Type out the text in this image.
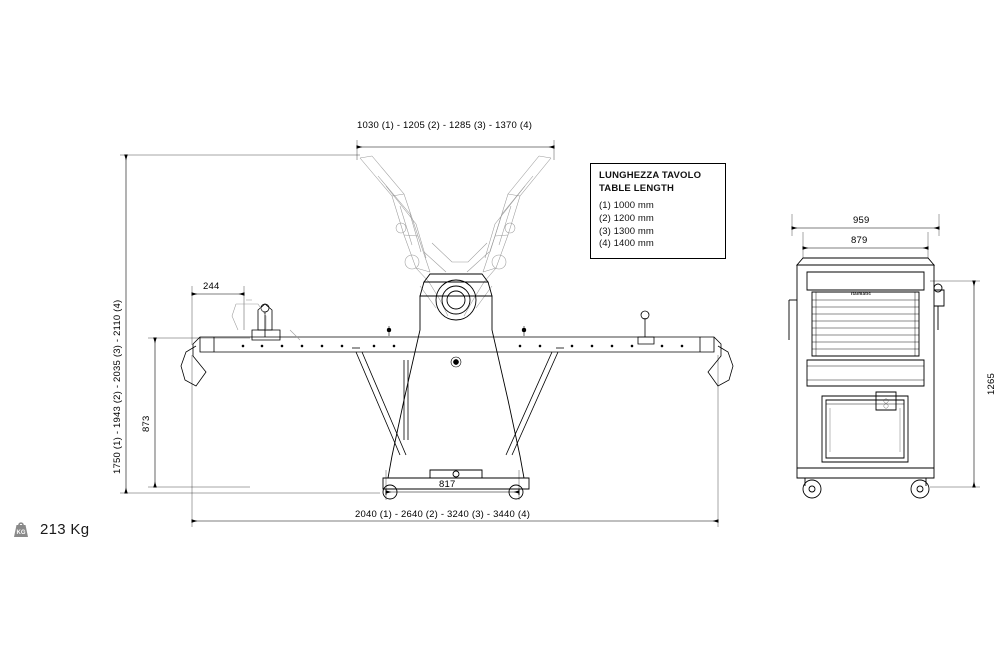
1030 (1) - 1205 (2) - 1285 (3) - 1370 (4)
1750 (1) - 1943 (2) - 2035 (3) - 2110 (4) 873
244
817
2040 (1) - 2640 (2) - 3240 (3) - 3440 (4)
959
879
1265
Italmatic
LUNGHEZZA TAVOLO
TABLE LENGTH
(1) 1000 mm
(2) 1200 mm
(3) 1300 mm
(4) 1400 mm
KG 213 Kg
